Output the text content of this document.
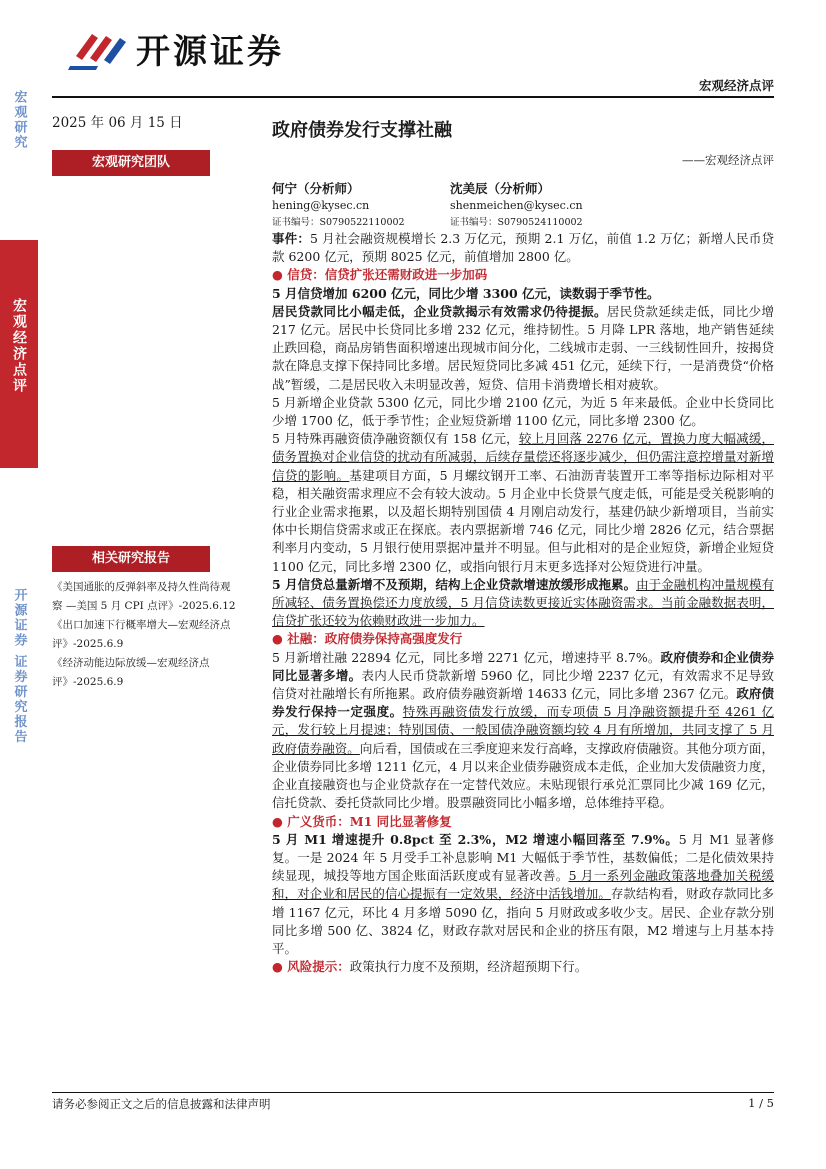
开源证券
宏观经济点评
宏观研究
宏观经济点评
开源证券 证券研究报告
2025 年 06 月 15 日	政府债券发行支撑社融
——宏观经济点评
宏观研究团队
何宁（分析师）
hening@kysec.cn
证书编号：S0790522110002
沈美辰（分析师）
shenmeichen@kysec.cn
证书编号：S0790524110002
相关研究报告
《美国通胀的反弹斜率及持久性尚待观察 —美国 5 月 CPI 点评》-2025.6.12
《出口加速下行概率增大—宏观经济点评》-2025.6.9
《经济动能边际放缓—宏观经济点评》-2025.6.9

事件：5 月社会融资规模增长 2.3 万亿元，预期 2.1 万亿，前值 1.2 万亿；新增人民币贷款 6200 亿元，预期 8025 亿元，前值增加 2800 亿。

● 信贷：信贷扩张还需财政进一步加码

5 月信贷增加 6200 亿元，同比少增 3300 亿元，读数弱于季节性。

居民贷款同比小幅走低，企业贷款揭示有效需求仍待提振。居民贷款延续走低，同比少增 217 亿元。居民中长贷同比多增 232 亿元，维持韧性。5 月降 LPR 落地，地产销售延续止跌回稳，商品房销售面积增速出现城市间分化，二线城市走弱、一三线韧性回升，按揭贷款在降息支撑下保持同比多增。居民短贷同比多减 451 亿元，延续下行，一是消费贷“价格战”暂缓，二是居民收入未明显改善，短贷、信用卡消费增长相对疲软。

5 月新增企业贷款 5300 亿元，同比少增 2100 亿元，为近 5 年来最低。企业中长贷同比少增 1700 亿，低于季节性；企业短贷新增 1100 亿元，同比多增 2300 亿。

5 月特殊再融资债净融资额仅有 158 亿元，较上月回落 2276 亿元，置换力度大幅减缓，债务置换对企业信贷的扰动有所减弱，后续存量偿还将逐步减少，但仍需注意控增量对新增信贷的影响。基建项目方面，5 月螺纹钢开工率、石油沥青装置开工率等指标边际相对平稳，相关融资需求理应不会有较大波动。5 月企业中长贷景气度走低，可能是受关税影响的行业企业需求拖累，以及超长期特别国债 4 月刚启动发行，基建仍缺少新增项目，当前实体中长期信贷需求或正在探底。表内票据新增 746 亿元，同比少增 2826 亿元，结合票据利率月内变动，5 月银行使用票据冲量并不明显。但与此相对的是企业短贷，新增企业短贷 1100 亿元，同比多增 2300 亿，或指向银行月末更多选择对公短贷进行冲量。

5 月信贷总量新增不及预期，结构上企业贷款增速放缓形成拖累。由于金融机构冲量规模有所减轻、债务置换偿还力度放缓，5 月信贷读数更接近实体融资需求。当前金融数据表明，信贷扩张还较为依赖财政进一步加力。

● 社融：政府债券保持高强度发行

5 月新增社融 22894 亿元，同比多增 2271 亿元，增速持平 8.7%。政府债券和企业债券同比显著多增。表内人民币贷款新增 5960 亿，同比少增 2237 亿元，有效需求不足导致信贷对社融增长有所拖累。政府债券融资新增 14633 亿元，同比多增 2367 亿元。政府债券发行保持一定强度。特殊再融资债发行放缓，而专项债 5 月净融资额提升至 4261 亿元，发行较上月提速；特别国债、一般国债净融资额均较 4 月有所增加，共同支撑了 5 月政府债券融资。向后看，国债或在三季度迎来发行高峰，支撑政府债融资。其他分项方面，企业债券同比多增 1211 亿元，4 月以来企业债券融资成本走低，企业加大发债融资力度，企业直接融资也与企业贷款存在一定替代效应。未贴现银行承兑汇票同比少减 169 亿元，信托贷款、委托贷款同比少增。股票融资同比小幅多增，总体维持平稳。

● 广义货币：M1 同比显著修复

5 月 M1 增速提升 0.8pct 至 2.3%，M2 增速小幅回落至 7.9%。5 月 M1 显著修复。一是 2024 年 5 月受手工补息影响 M1 大幅低于季节性，基数偏低；二是化债效果持续显现，城投等地方国企账面活跃度或有显著改善。5 月一系列金融政策落地叠加关税缓和，对企业和居民的信心提振有一定效果，经济中活钱增加。存款结构看，财政存款同比多增 1167 亿元，环比 4 月多增 5090 亿，指向 5 月财政或多收少支。居民、企业存款分别同比多增 500 亿、3824 亿，财政存款对居民和企业的挤压有限，M2 增速与上月基本持平。

● 风险提示：政策执行力度不及预期，经济超预期下行。

请务必参阅正文之后的信息披露和法律声明	1 / 5
